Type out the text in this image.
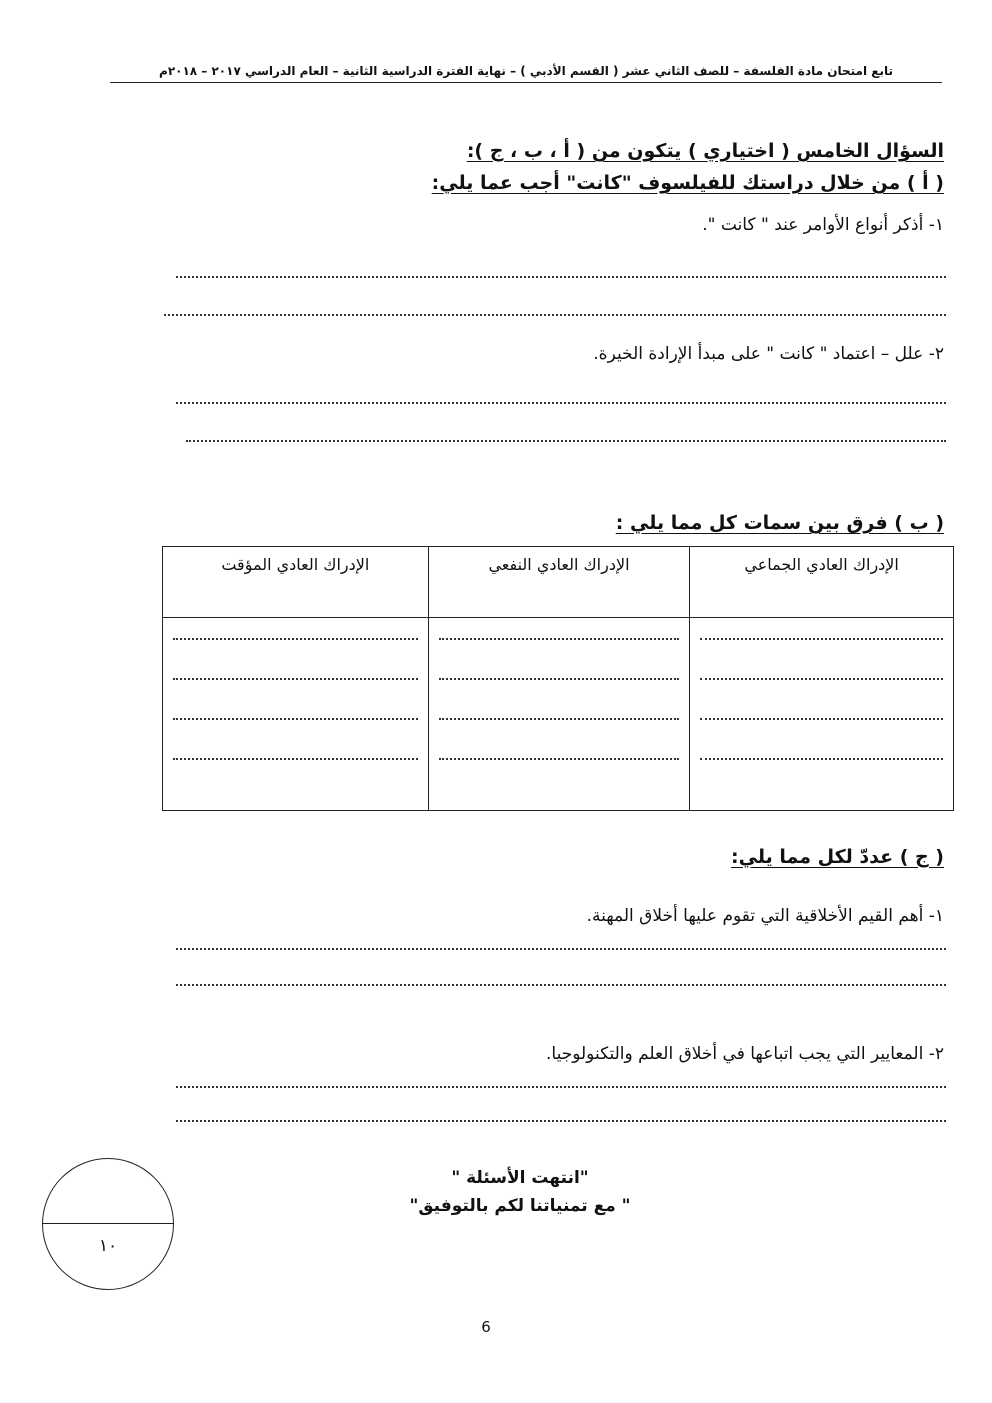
تابع امتحان مادة الفلسفة – للصف الثاني عشر ( القسم الأدبي ) – نهاية الفترة الدراسية الثانية – العام الدراسي ٢٠١٧ – ٢٠١٨م
السؤال الخامس ( اختياري ) يتكون من ( أ ، ب ، ج ):
( أ ) من خلال دراستك للفيلسوف "كانت" أجب عما يلي:
١- أذكر أنواع الأوامر عند " كانت ".
٢- علل – اعتماد " كانت " على مبدأ الإرادة الخيرة.
( ب ) فرق بين سمات كل مما يلي :
الإدراك العادي الجماعي	الإدراك العادي النفعي	الإدراك العادي المؤقت

( ج ) عددّ لكل مما يلي:
١- أهم القيم الأخلاقية التي تقوم عليها أخلاق المهنة.
٢- المعايير التي يجب اتباعها في أخلاق العلم والتكنولوجيا.
١٠
"انتهت الأسئلة "
" مع تمنياتنا لكم بالتوفيق"
6
